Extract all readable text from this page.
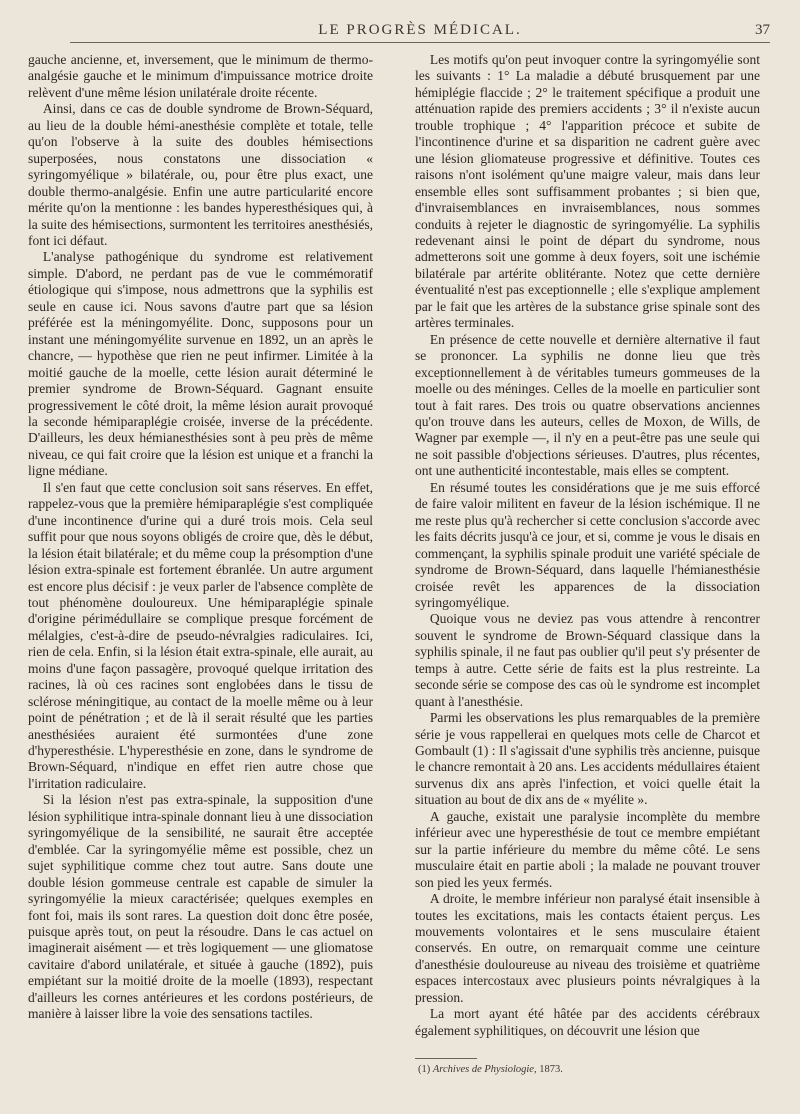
LE PROGRÈS MÉDICAL.	37

gauche ancienne, et, inversement, que le minimum de thermo-analgésie gauche et le minimum d'impuissance motrice droite relèvent d'une même lésion unilatérale droite récente.

Ainsi, dans ce cas de double syndrome de Brown-Séquard, au lieu de la double hémi-anesthésie complète et totale, telle qu'on l'observe à la suite des doubles hémisections superposées, nous constatons une dissociation « syringomyélique » bilatérale, ou, pour être plus exact, une double thermo-analgésie. Enfin une autre particularité encore mérite qu'on la mentionne : les bandes hyperesthésiques qui, à la suite des hémisections, surmontent les territoires anesthésiés, font ici défaut.

L'analyse pathogénique du syndrome est relativement simple. D'abord, ne perdant pas de vue le commémoratif étiologique qui s'impose, nous admettrons que la syphilis est seule en cause ici. Nous savons d'autre part que sa lésion préférée est la méningomyélite. Donc, supposons pour un instant une méningomyélite survenue en 1892, un an après le chancre, — hypothèse que rien ne peut infirmer. Limitée à la moitié gauche de la moelle, cette lésion aurait déterminé le premier syndrome de Brown-Séquard. Gagnant ensuite progressivement le côté droit, la même lésion aurait provoqué la seconde hémiparaplégie croisée, inverse de la précédente. D'ailleurs, les deux hémianesthésies sont à peu près de même niveau, ce qui fait croire que la lésion est unique et a franchi la ligne médiane.

Il s'en faut que cette conclusion soit sans réserves. En effet, rappelez-vous que la première hémiparaplégie s'est compliquée d'une incontinence d'urine qui a duré trois mois. Cela seul suffit pour que nous soyons obligés de croire que, dès le début, la lésion était bilatérale; et du même coup la présomption d'une lésion extra-spinale est fortement ébranlée. Un autre argument est encore plus décisif : je veux parler de l'absence complète de tout phénomène douloureux. Une hémiparaplégie spinale d'origine périmédullaire se complique presque forcément de mélalgies, c'est-à-dire de pseudo-névralgies radiculaires. Ici, rien de cela. Enfin, si la lésion était extra-spinale, elle aurait, au moins d'une façon passagère, provoqué quelque irritation des racines, là où ces racines sont englobées dans le tissu de sclérose méningitique, au contact de la moelle même ou à leur point de pénétration ; et de là il serait résulté que les parties anesthésiées auraient été surmontées d'une zone d'hyperesthésie. L'hyperesthésie en zone, dans le syndrome de Brown-Séquard, n'indique en effet rien autre chose que l'irritation radiculaire.

Si la lésion n'est pas extra-spinale, la supposition d'une lésion syphilitique intra-spinale donnant lieu à une dissociation syringomyélique de la sensibilité, ne saurait être acceptée d'emblée. Car la syringomyélie même est possible, chez un sujet syphilitique comme chez tout autre. Sans doute une double lésion gommeuse centrale est capable de simuler la syringomyélie la mieux caractérisée; quelques exemples en font foi, mais ils sont rares. La question doit donc être posée, puisque après tout, on peut la résoudre. Dans le cas actuel on imaginerait aisément — et très logiquement — une gliomatose cavitaire d'abord unilatérale, et située à gauche (1892), puis empiétant sur la moitié droite de la moelle (1893), respectant d'ailleurs les cornes antérieures et les cordons postérieurs, de manière à laisser libre la voie des sensations tactiles.

Les motifs qu'on peut invoquer contre la syringomyélie sont les suivants : 1° La maladie a débuté brusquement par une hémiplégie flaccide ; 2° le traitement spécifique a produit une atténuation rapide des premiers accidents ; 3° il n'existe aucun trouble trophique ; 4° l'apparition précoce et subite de l'incontinence d'urine et sa disparition ne cadrent guère avec une lésion gliomateuse progressive et définitive. Toutes ces raisons n'ont isolément qu'une maigre valeur, mais dans leur ensemble elles sont suffisamment probantes ; si bien que, d'invraisemblances en invraisemblances, nous sommes conduits à rejeter le diagnostic de syringomyélie. La syphilis redevenant ainsi le point de départ du syndrome, nous admetterons soit une gomme à deux foyers, soit une ischémie bilatérale par artérite oblitérante. Notez que cette dernière éventualité n'est pas exceptionnelle ; elle s'explique amplement par le fait que les artères de la substance grise spinale sont des artères terminales.

En présence de cette nouvelle et dernière alternative il faut se prononcer. La syphilis ne donne lieu que très exceptionnellement à de véritables tumeurs gommeuses de la moelle ou des méninges. Celles de la moelle en particulier sont tout à fait rares. Des trois ou quatre observations anciennes qu'on trouve dans les auteurs, celles de Moxon, de Wills, de Wagner par exemple —, il n'y en a peut-être pas une seule qui ne soit passible d'objections sérieuses. D'autres, plus récentes, ont une authenticité incontestable, mais elles se comptent.

En résumé toutes les considérations que je me suis efforcé de faire valoir militent en faveur de la lésion ischémique. Il ne me reste plus qu'à rechercher si cette conclusion s'accorde avec les faits décrits jusqu'à ce jour, et si, comme je vous le disais en commençant, la syphilis spinale produit une variété spéciale de syndrome de Brown-Séquard, dans laquelle l'hémianesthésie croisée revêt les apparences de la dissociation syringomyélique.

Quoique vous ne deviez pas vous attendre à rencontrer souvent le syndrome de Brown-Séquard classique dans la syphilis spinale, il ne faut pas oublier qu'il peut s'y présenter de temps à autre. Cette série de faits est la plus restreinte. La seconde série se compose des cas où le syndrome est incomplet quant à l'anesthésie.

Parmi les observations les plus remarquables de la première série je vous rappellerai en quelques mots celle de Charcot et Gombault (1) : Il s'agissait d'une syphilis très ancienne, puisque le chancre remontait à 20 ans. Les accidents médullaires étaient survenus dix ans après l'infection, et voici quelle était la situation au bout de dix ans de « myélite ».

A gauche, existait une paralysie incomplète du membre inférieur avec une hyperesthésie de tout ce membre empiétant sur la partie inférieure du membre du même côté. Le sens musculaire était en partie aboli ; la malade ne pouvant trouver son pied les yeux fermés.

A droite, le membre inférieur non paralysé était insensible à toutes les excitations, mais les contacts étaient perçus. Les mouvements volontaires et le sens musculaire étaient conservés. En outre, on remarquait comme une ceinture d'anesthésie douloureuse au niveau des troisième et quatrième espaces intercostaux avec plusieurs points névralgiques à la pression.

La mort ayant été hâtée par des accidents cérébraux également syphilitiques, on découvrit une lésion que

(1) Archives de Physiologie, 1873.
